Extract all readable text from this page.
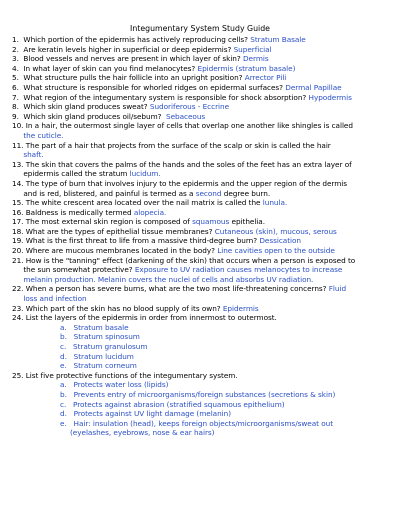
Integumentary System Study Guide
1.  Which portion of the epidermis has actively reproducing cells? Stratum Basale
2.  Are keratin levels higher in superficial or deep epidermis? Superficial
3.  Blood vessels and nerves are present in which layer of skin? Dermis
4.  In what layer of skin can you find melanocytes? Epidermis (stratum basale)
5.  What structure pulls the hair follicle into an upright position? Arrector Pili
6.  What structure is responsible for whorled ridges on epidermal surfaces? Dermal Papillae
7.  What region of the integumentary system is responsible for shock absorption? Hypodermis
8.  Which skin gland produces sweat? Sudoriferous - Eccrine
9.  Which skin gland produces oil/sebum?  Sebaceous
10. In a hair, the outermost single layer of cells that overlap one another like shingles is called
the cuticle.
11. The part of a hair that projects from the surface of the scalp or skin is called the hair
shaft.
13. The skin that covers the palms of the hands and the soles of the feet has an extra layer of
epidermis called the stratum lucidum.
14. The type of burn that involves injury to the epidermis and the upper region of the dermis
and is red, blistered, and painful is termed as a second degree burn.
15. The white crescent area located over the nail matrix is called the lunula.
16. Baldness is medically termed alopecia.
17. The most external skin region is composed of squamous epithelia.
18. What are the types of epithelial tissue membranes? Cutaneous (skin), mucous, serous
19. What is the first threat to life from a massive third-degree burn? Dessication
20. Where are mucous membranes located in the body? Line cavities open to the outside
21. How is the "tanning" effect (darkening of the skin) that occurs when a person is exposed to
the sun somewhat protective? Exposure to UV radiation causes melanocytes to increase
melanin production. Melanin covers the nuclei of cells and absorbs UV radiation.
22. When a person has severe burns, what are the two most life-threatening concerns? Fluid
loss and infection
23. Which part of the skin has no blood supply of its own? Epidermis
24. List the layers of the epidermis in order from innermost to outermost.
a.   Stratum basale
b.   Stratum spinosum
c.   Stratum granulosum
d.   Stratum lucidum
e.   Stratum corneum
25. List five protective functions of the integumentary system.
a.   Protects water loss (lipids)
b.   Prevents entry of microorganisms/foreign substances (secretions & skin)
c.   Protects against abrasion (stratified squamous epithelium)
d.   Protects against UV light damage (melanin)
e.   Hair: insulation (head), keeps foreign objects/microorganisms/sweat out
(eyelashes, eyebrows, nose & ear hairs)
